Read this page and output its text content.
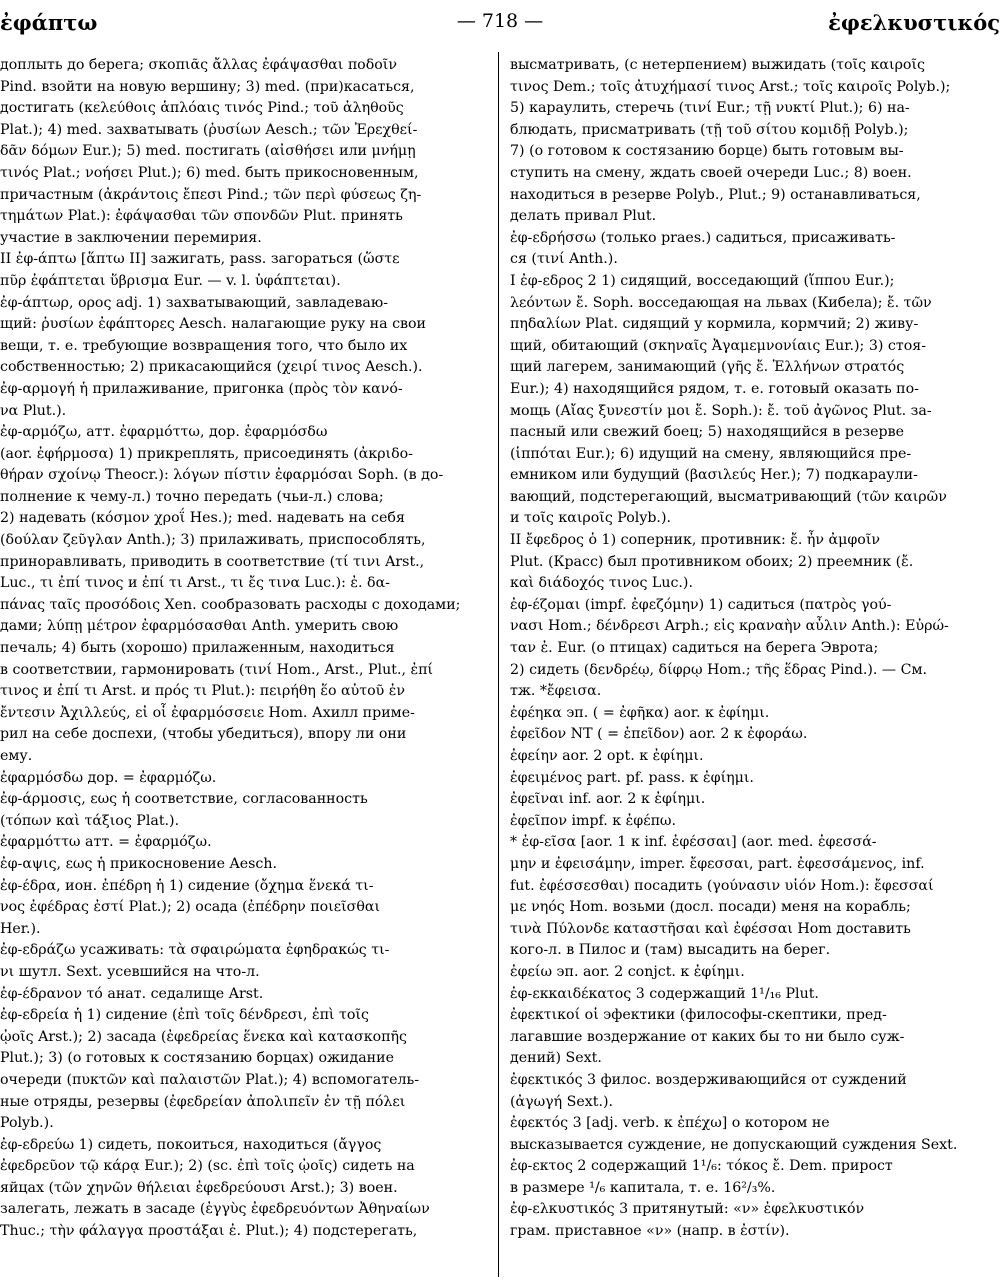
ἐφάπτω	— 718 —	ἐφελκυστικός
доплыть до берега; σκοπιᾶς ἄλλας ἐφάψασθαι ποδοῖν
Pind. взойти на новую вершину; 3) med. (при)касаться,
достигать (κελεύθοις ἁπλόαις τινός Pind.; τοῦ ἀληθοῦς
Plat.); 4) med. захватывать (ῥυσίων Aesch.; τῶν Ἐρεχθεί-
δᾶν δόμων Eur.); 5) med. постигать (αἰσθήσει или μνήμῃ
τινός Plat.; νοήσει Plut.); 6) med. быть прикосновенным,
причастным (ἀκράντοις ἔπεσι Pind.; τῶν περὶ φύσεως ζη-
τημάτων Plat.): ἐφάψασθαι τῶν σπονδῶν Plut. принять
участие в заключении перемирия.
II ἐφ-άπτω [ἅπτω II] зажигать, pass. загораться (ὥστε
πῦρ ἐφάπτεται ὕβρισμα Eur. — v. l. ὑφάπτεται).
ἐφ-άπτωρ, ορος adj. 1) захватывающий, завладеваю-
щий: ῥυσίων ἐφάπτορες Aesch. налагающие руку на свои
вещи, т. е. требующие возвращения того, что было их
собственностью; 2) прикасающийся (χειρί τινος Aesch.).
ἐφ-αρμογή ἡ прилаживание, пригонка (πρὸς τὸν κανό-
να Plut.).
ἐφ-αρμόζω, атт. ἐφαρμόττω, дор. ἐφαρμόσδω
(aor. ἐφήρμοσα) 1) прикреплять, присоединять (ἀκριδο-
θήραν σχοίνῳ Theocr.): λόγων πίστιν ἐφαρμόσαι Soph. (в до-
полнение к чему-л.) точно передать (чьи-л.) слова;
2) надевать (κόσμον χροΐ Hes.); med. надевать на себя
(δούλαν ζεῦγλαν Anth.); 3) прилаживать, приспособлять,
приноравливать, приводить в соответствие (τί τινι Arst.,
Luc., τι ἐπί τινος и ἐπί τι Arst., τι ἔς τινα Luc.): ἐ. δα-
πάνας ταῖς προσόδοις Xen. сообразовать расходы с доходами;
дами; λύπῃ μέτρον ἐφαρμόσασθαι Anth. умерить свою
печаль; 4) быть (хорошо) прилаженным, находиться
в соответствии, гармонировать (τινί Hom., Arst., Plut., ἐπί
τινος и ἐπί τι Arst. и πρός τι Plut.): πειρήθη ἕο αὐτοῦ ἐν
ἔντεσιν Ἀχιλλεύς, εἰ οἷ ἐφαρμόσσειε Hom. Ахилл приме-
рил на себе доспехи, (чтобы убедиться), впору ли они
ему.
ἐφαρμόσδω дор. = ἐφαρμόζω.
ἐφ-άρμοσις, εως ἡ соответствие, согласованность
(τόπων καὶ τάξιος Plat.).
ἐφαρμόττω атт. = ἐφαρμόζω.
ἐφ-αψις, εως ἡ прикосновение Aesch.
ἐφ-έδρα, ион. ἐπέδρη ἡ 1) сидение (ὄχημα ἕνεκά τι-
νος ἐφέδρας ἐστί Plat.); 2) осада (ἐπέδρην ποιεῖσθαι
Her.).
ἐφ-εδράζω усаживать: τὰ σφαιρώματα ἐφηδρακώς τι-
νι шутл. Sext. усевшийся на что-л.
ἐφ-έδρανον τό анат. седалище Arst.
ἐφ-εδρεία ἡ 1) сидение (ἐπὶ τοῖς δένδρεσι, ἐπὶ τοῖς
ᾠοῖς Arst.); 2) засада (ἐφεδρείας ἕνεκα καὶ κατασκοπῆς
Plut.); 3) (о готовых к состязанию борцах) ожидание
очереди (πυκτῶν καὶ παλαιστῶν Plat.); 4) вспомогатель-
ные отряды, резервы (ἐφεδρείαν ἀπολιπεῖν ἐν τῇ πόλει
Polyb.).
ἐφ-εδρεύω 1) сидеть, покоиться, находиться (ἄγγος
ἐφεδρεῦον τῷ κάρᾳ Eur.); 2) (sc. ἐπὶ τοῖς ᾠοῖς) сидеть на
яйцах (τῶν χηνῶν θήλειαι ἐφεδρεύουσι Arst.); 3) воен.
залегать, лежать в засаде (ἐγγὺς ἐφεδρευόντων Ἀθηναίων
Thuc.; τὴν φάλαγγα προστάξαι ἐ. Plut.); 4) подстерегать,
высматривать, (с нетерпением) выжидать (τοῖς καιροῖς
τινος Dem.; τοῖς ἀτυχήμασί τινος Arst.; τοῖς καιροῖς Polyb.);
5) караулить, стеречь (τινί Eur.; τῇ νυκτί Plut.); 6) на-
блюдать, присматривать (τῇ τοῦ σίτου κομιδῇ Polyb.);
7) (о готовом к состязанию борце) быть готовым вы-
ступить на смену, ждать своей очереди Luc.; 8) воен.
находиться в резерве Polyb., Plut.; 9) останавливаться,
делать привал Plut.
ἐφ-εδρήσσω (только praes.) садиться, присаживать-
ся (τινί Anth.).
I ἐφ-εδρος 2 1) сидящий, восседающий (ἵππου Eur.);
λεόντων ἔ. Soph. восседающая на львах (Кибела); ἔ. τῶν
πηδαλίων Plat. сидящий у кормила, кормчий; 2) живу-
щий, обитающий (σκηναῖς Ἀγαμεμνονίαις Eur.); 3) стоя-
щий лагерем, занимающий (γῆς ἔ. Ἑλλήνων στρατός
Eur.); 4) находящийся рядом, т. е. готовый оказать по-
мощь (Αἴας ξυνεστίν μοι ἔ. Soph.): ἔ. τοῦ ἀγῶνος Plut. за-
пасный или свежий боец; 5) находящийся в резерве
(ἱππόται Eur.); 6) идущий на смену, являющийся пре-
емником или будущий (βασιλεύς Her.); 7) подкараули-
вающий, подстерегающий, высматривающий (τῶν καιρῶν
и τοῖς καιροῖς Polyb.).
II ἔφεδρος ὁ 1) соперник, противник: ἔ. ἦν ἀμφοῖν
Plut. (Красс) был противником обоих; 2) преемник (ἔ.
καὶ διάδοχός τινος Luc.).
ἐφ-έζομαι (impf. ἐφεζόμην) 1) садиться (πατρὸς γού-
νασι Hom.; δένδρεσι Arph.; εἰς κραναὴν αὖλιν Anth.): Εὐρώ-
ταν ἐ. Eur. (о птицах) садиться на берега Эврота;
2) сидеть (δενδρέῳ, δίφρῳ Hom.; τῆς ἕδρας Pind.). — См.
тж. *ἔφεισα.
ἐφέηκα эп. ( = ἐφῆκα) aor. к ἐφίημι.
ἐφεῖδον NT ( = ἐπεῖδον) aor. 2 к ἐφοράω.
ἐφείην aor. 2 opt. к ἐφίημι.
ἐφειμένος part. pf. pass. к ἐφίημι.
ἐφεῖναι inf. aor. 2 к ἐφίημι.
ἐφεῖπον impf. к ἐφέπω.
* ἐφ-εῖσα [aor. 1 к inf. ἐφέσσαι] (aor. med. ἐφεσσά-
μην и ἐφεισάμην, imper. ἔφεσσαι, part. ἐφεσσάμενος, inf.
fut. ἐφέσσεσθαι) посадить (γούνασιν υἱόν Hom.): ἔφεσσαί
με νηός Hom. возьми (досл. посади) меня на корабль;
τινὰ Πύλονδε καταστῆσαι καὶ ἐφέσσαι Hom доставить
кого-л. в Пилос и (там) высадить на берег.
ἐφείω эп. aor. 2 conjct. к ἐφίημι.
ἐφ-εκκαιδέκατος 3 содержащий 1¹/₁₆ Plut.
ἐφεκτικοί οἱ эфектики (философы-скептики, пред-
лагавшие воздержание от каких бы то ни было суж-
дений) Sext.
ἐφεκτικός 3 филос. воздерживающийся от суждений
(ἀγωγή Sext.).
ἐφεκτός 3 [adj. verb. к ἐπέχω] о котором не
высказывается суждение, не допускающий суждения Sext.
ἐφ-εκτος 2 содержащий 1¹/₆: τόκος ἔ. Dem. прирост
в размере ¹/₆ капитала, т. е. 16²/₃%.
ἐφ-ελκυστικός 3 притянутый: «ν» ἐφελκυστικόν
грам. приставное «ν» (напр. в ἐστίν).
